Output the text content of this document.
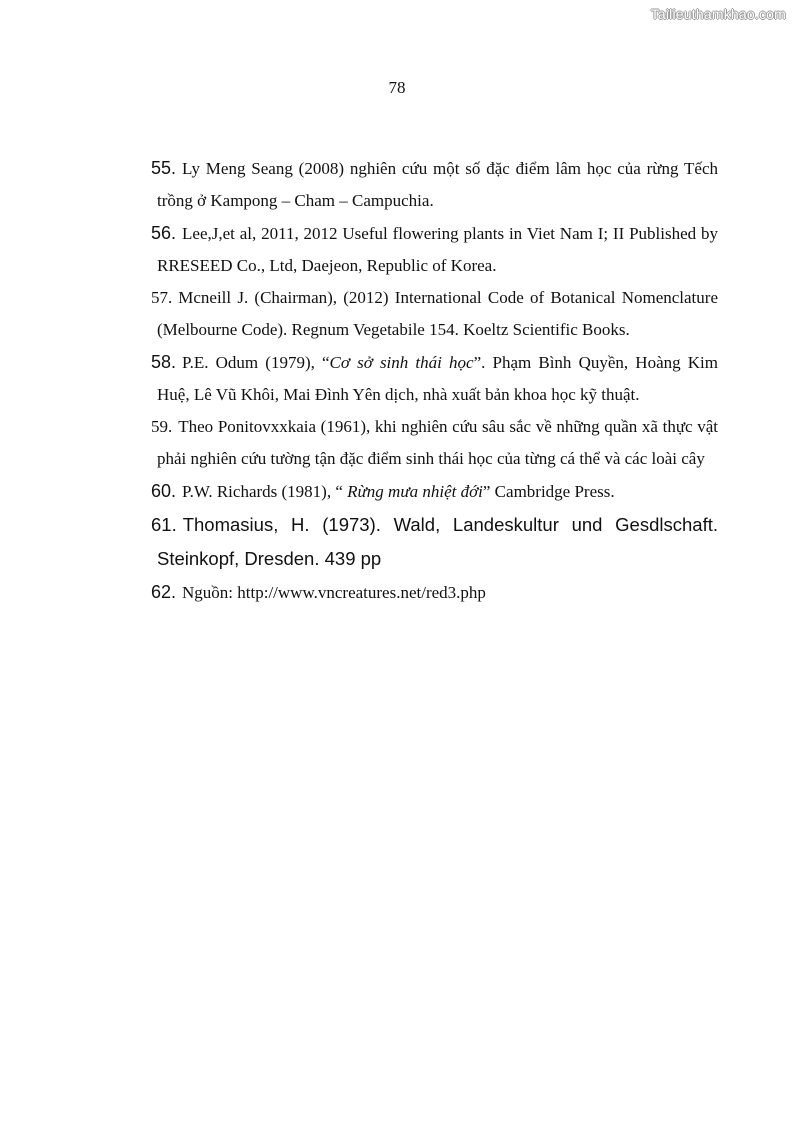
Tailieuthamkhao.com
78

55. Ly Meng Seang (2008) nghiên cứu một số đặc điểm lâm học của rừng Tếch trồng ở Kampong – Cham – Campuchia.

56. Lee,J,et al, 2011, 2012 Useful flowering plants in Viet Nam I; II Published by RRESEED Co., Ltd, Daejeon, Republic of Korea.

57. Mcneill J. (Chairman), (2012) International Code of Botanical Nomenclature (Melbourne Code). Regnum Vegetabile 154. Koeltz Scientific Books.

58. P.E. Odum (1979), “Cơ sở sinh thái học”. Phạm Bình Quyền, Hoàng Kim Huệ, Lê Vũ Khôi, Mai Đình Yên dịch, nhà xuất bản khoa học kỹ thuật.

59. Theo Ponitovxxkaia (1961), khi nghiên cứu sâu sắc về những quần xã thực vật phải nghiên cứu tường tận đặc điểm sinh thái học của từng cá thể và các loài cây

60. P.W. Richards (1981), “ Rừng mưa nhiệt đới” Cambridge Press.

61. Thomasius, H. (1973). Wald, Landeskultur und Gesdlschaft. Steinkopf, Dresden. 439 pp

62. Nguồn: http://www.vncreatures.net/red3.php
